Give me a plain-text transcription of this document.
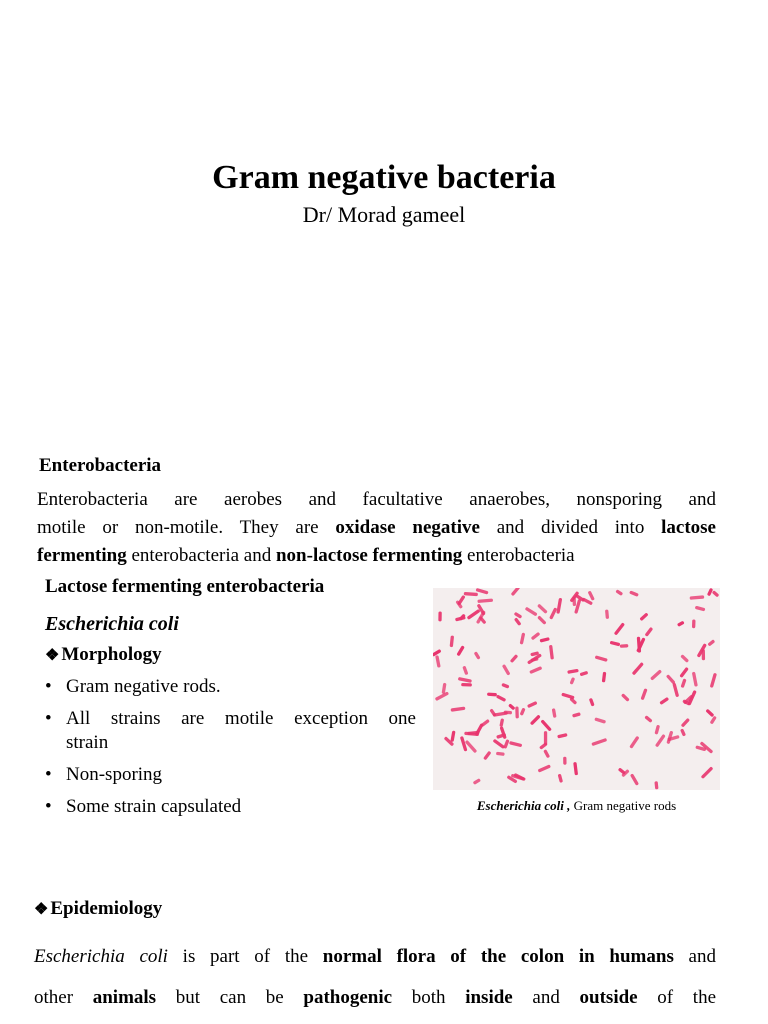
Gram negative bacteria
Dr/ Morad gameel
Enterobacteria
Enterobacteria are aerobes and facultative anaerobes, nonsporing and
motile or non-motile. They are oxidase negative and divided into lactose
fermenting enterobacteria and non-lactose fermenting enterobacteria
Lactose fermenting enterobacteria
Escherichia coli
❖ Morphology
• Gram negative rods.
• All strains are motile exception one
strain
• Non-sporing
• Some strain capsulated	Escherichia coli , Gram negative rods
❖ Epidemiology
Escherichia coli is part of the normal flora of the colon in humans and
other animals but can be pathogenic both inside and outside of the
